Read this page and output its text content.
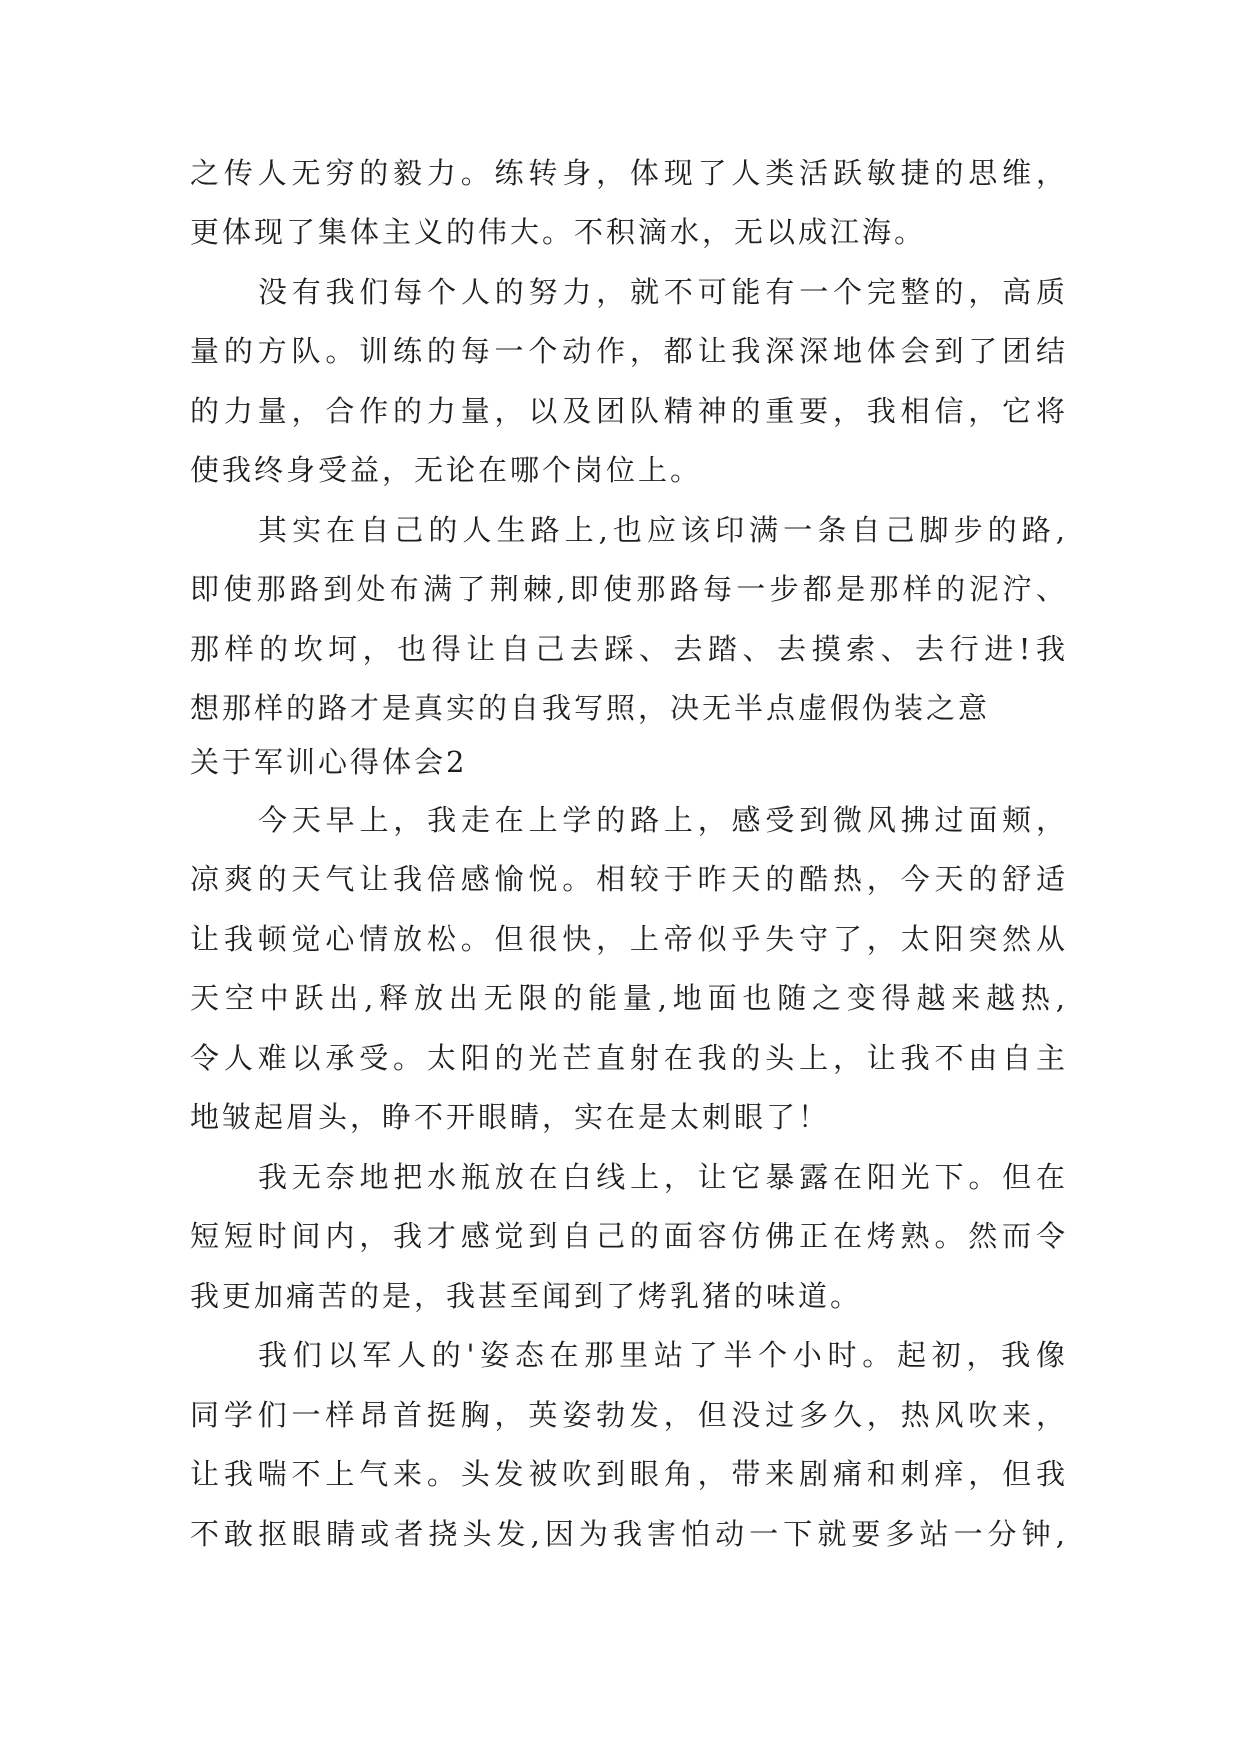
之传人无穷的毅力。练转身，体现了人类活跃敏捷的思维，
更体现了集体主义的伟大。不积滴水，无以成江海。
没有我们每个人的努力，就不可能有一个完整的，高质
量的方队。训练的每一个动作，都让我深深地体会到了团结
的力量，合作的力量，以及团队精神的重要，我相信，它将
使我终身受益，无论在哪个岗位上。
其实在自己的人生路上,也应该印满一条自己脚步的路,
即使那路到处布满了荆棘,即使那路每一步都是那样的泥泞、
那样的坎坷，也得让自己去踩、去踏、去摸索、去行进!我
想那样的路才是真实的自我写照，决无半点虚假伪装之意
关于军训心得体会2
今天早上，我走在上学的路上，感受到微风拂过面颊，
凉爽的天气让我倍感愉悦。相较于昨天的酷热，今天的舒适
让我顿觉心情放松。但很快，上帝似乎失守了，太阳突然从
天空中跃出,释放出无限的能量,地面也随之变得越来越热,
令人难以承受。太阳的光芒直射在我的头上，让我不由自主
地皱起眉头，睁不开眼睛，实在是太刺眼了！
我无奈地把水瓶放在白线上，让它暴露在阳光下。但在
短短时间内，我才感觉到自己的面容仿佛正在烤熟。然而令
我更加痛苦的是，我甚至闻到了烤乳猪的味道。
我们以军人的'姿态在那里站了半个小时。起初，我像
同学们一样昂首挺胸，英姿勃发，但没过多久，热风吹来，
让我喘不上气来。头发被吹到眼角，带来剧痛和刺痒，但我
不敢抠眼睛或者挠头发,因为我害怕动一下就要多站一分钟,
